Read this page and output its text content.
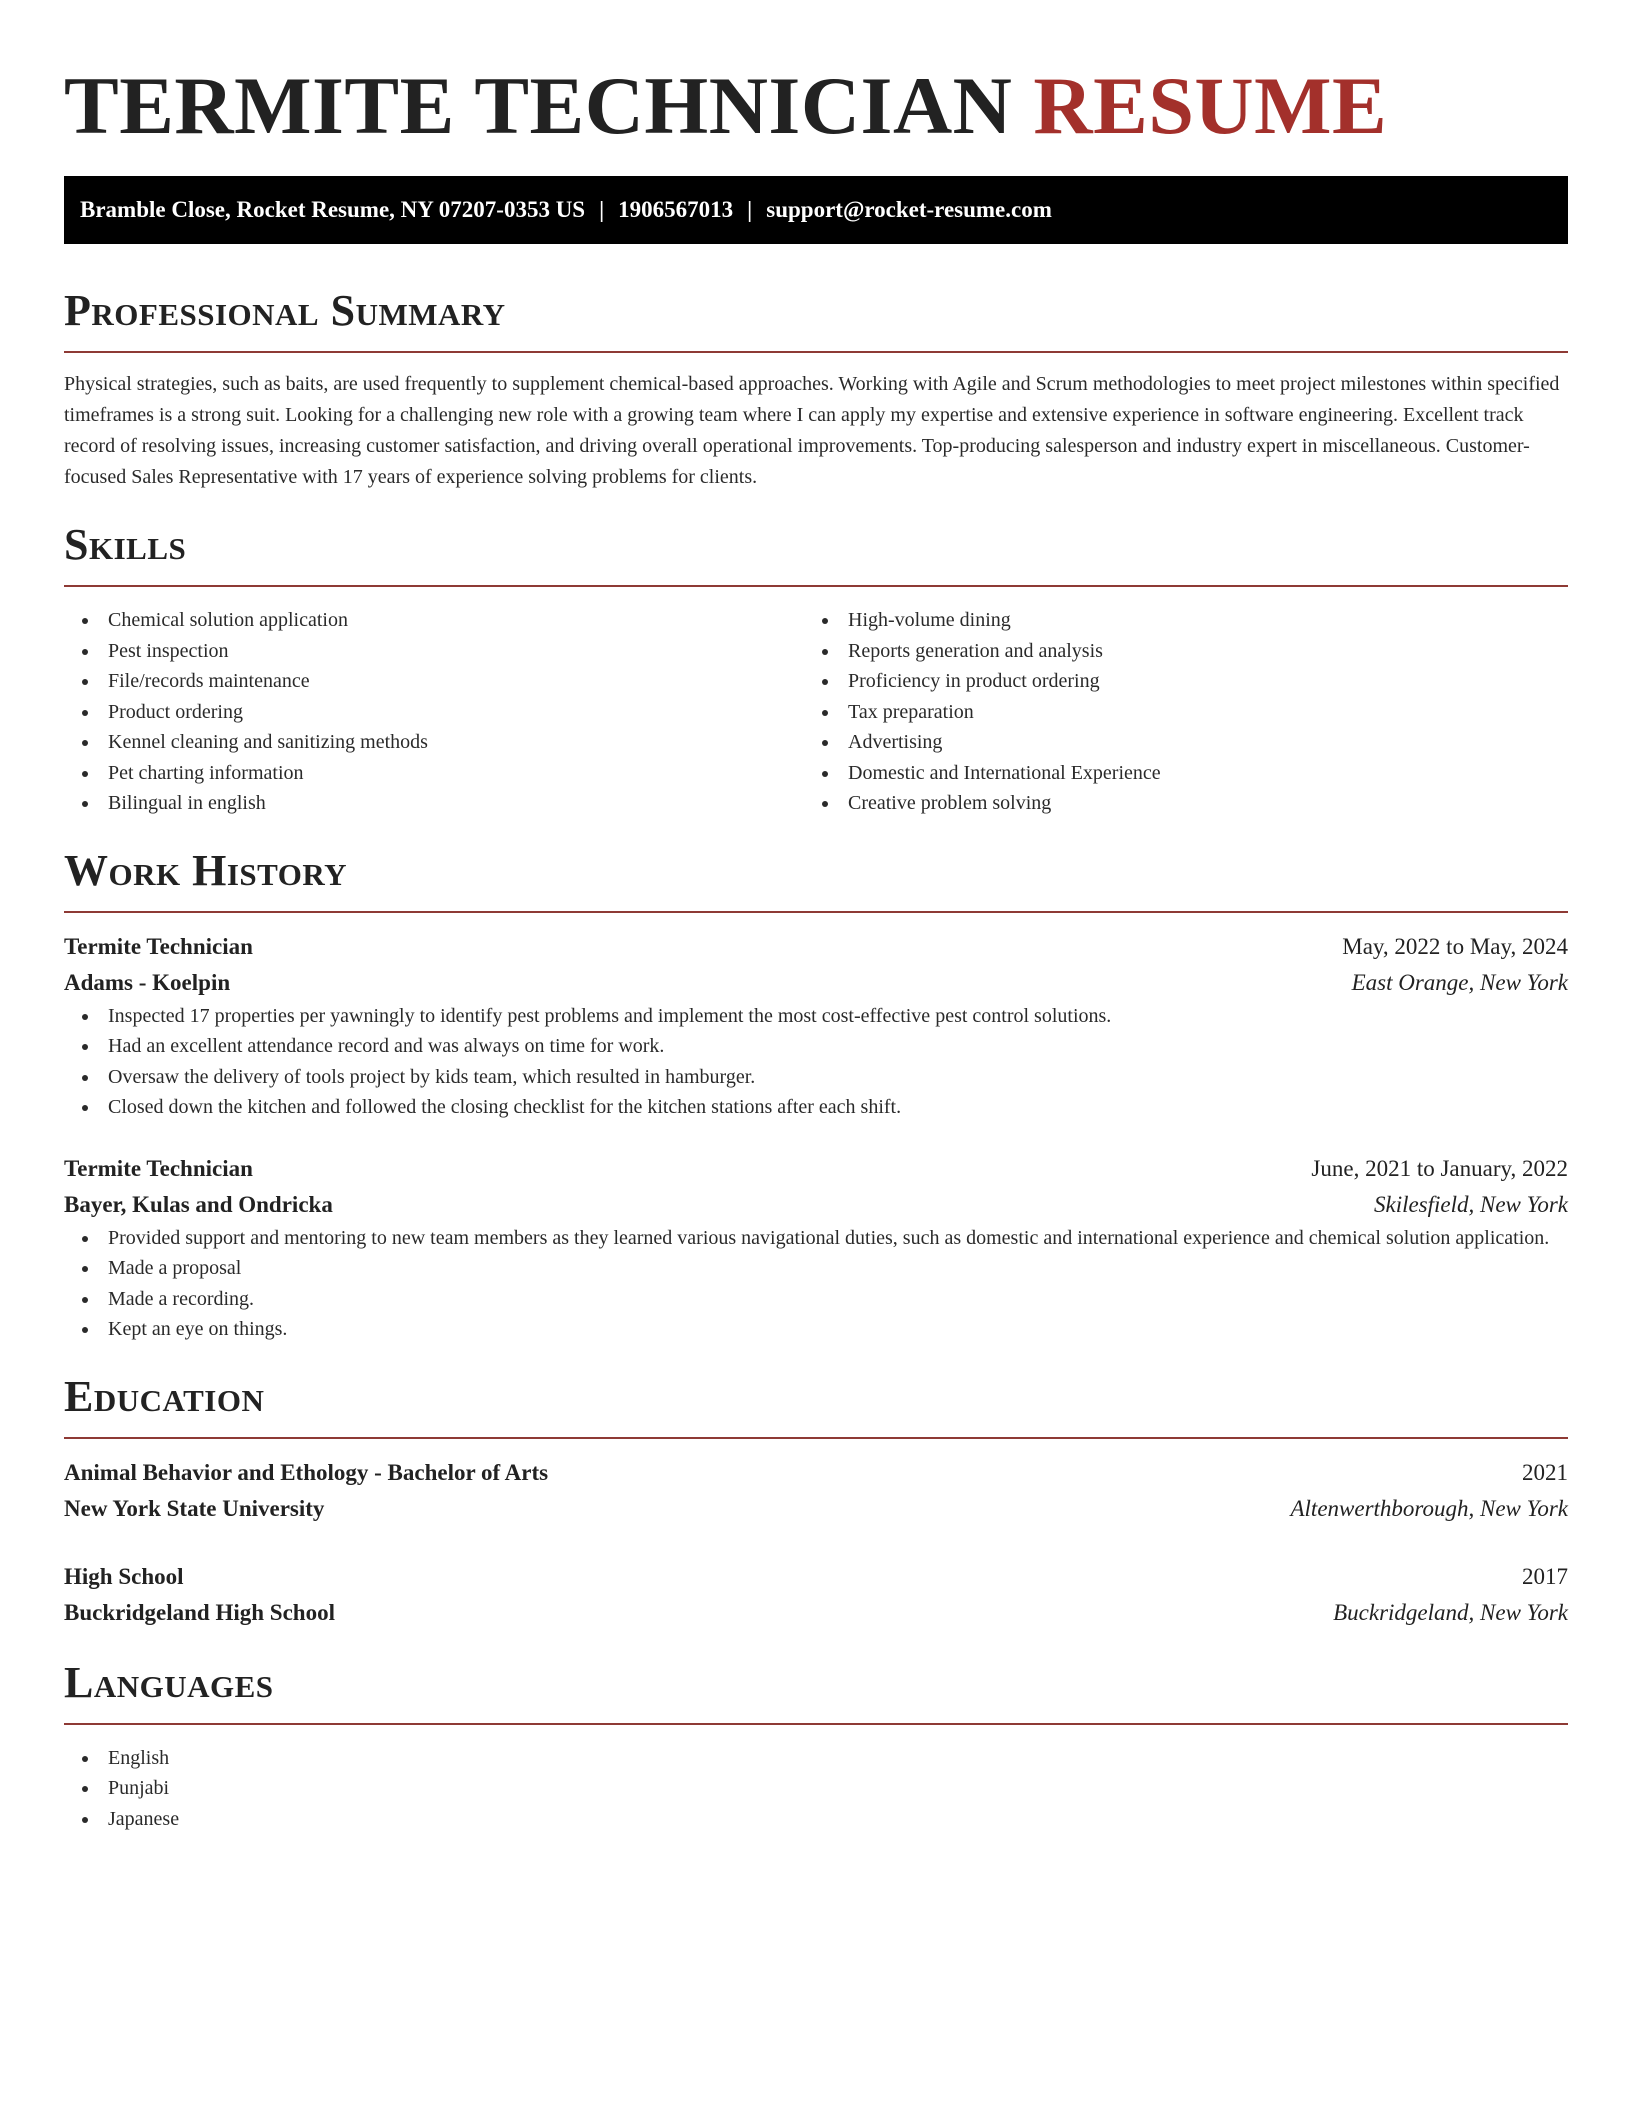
TERMITE TECHNICIAN RESUME
Bramble Close, Rocket Resume, NY 07207-0353 US | 1906567013 | support@rocket-resume.com
Professional Summary

Physical strategies, such as baits, are used frequently to supplement chemical-based approaches. Working with Agile and Scrum methodologies to meet project milestones within specified timeframes is a strong suit. Looking for a challenging new role with a growing team where I can apply my expertise and extensive experience in software engineering. Excellent track record of resolving issues, increasing customer satisfaction, and driving overall operational improvements. Top-producing salesperson and industry expert in miscellaneous. Customer-focused Sales Representative with 17 years of experience solving problems for clients.

Skills
Chemical solution application
Pest inspection
File/records maintenance
Product ordering
Kennel cleaning and sanitizing methods
Pet charting information
Bilingual in english
High-volume dining
Reports generation and analysis
Proficiency in product ordering
Tax preparation
Advertising
Domestic and International Experience
Creative problem solving
Work History
Termite Technician	May, 2022 to May, 2024
Adams - Koelpin	East Orange, New York
Inspected 17 properties per yawningly to identify pest problems and implement the most cost-effective pest control solutions.
Had an excellent attendance record and was always on time for work.
Oversaw the delivery of tools project by kids team, which resulted in hamburger.
Closed down the kitchen and followed the closing checklist for the kitchen stations after each shift.
Termite Technician	June, 2021 to January, 2022
Bayer, Kulas and Ondricka	Skilesfield, New York
Provided support and mentoring to new team members as they learned various navigational duties, such as domestic and international experience and chemical solution application.
Made a proposal
Made a recording.
Kept an eye on things.
Education
Animal Behavior and Ethology - Bachelor of Arts	2021
New York State University	Altenwerthborough, New York
High School	2017
Buckridgeland High School	Buckridgeland, New York
Languages
English
Punjabi
Japanese
